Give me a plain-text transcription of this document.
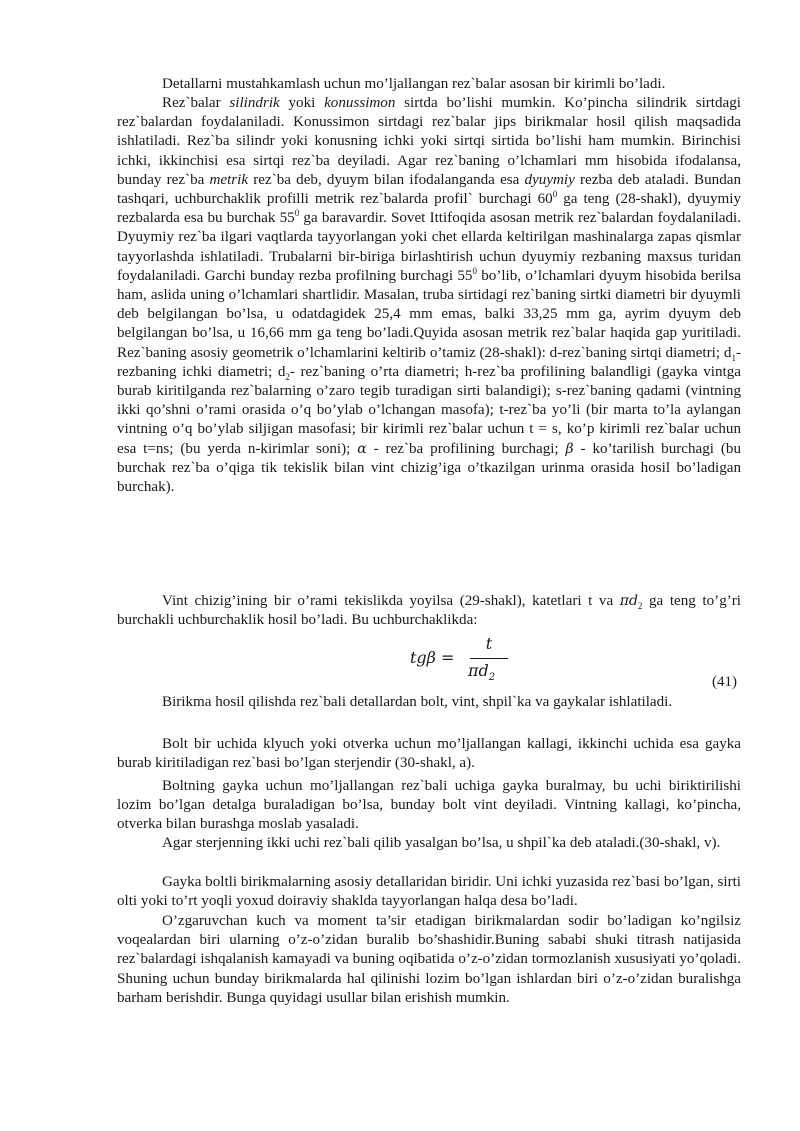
Detallarni mustahkamlash uchun mo’ljallangan rez`balar asosan bir kirimli bo’ladi.

Rez`balar silindrik yoki konussimon sirtda bo’lishi mumkin. Ko’pincha silindrik sirtdagi rez`balardan foydalaniladi. Konussimon sirtdagi rez`balar jips birikmalar hosil qilish maqsadida ishlatiladi. Rez`ba silindr yoki konusning ichki yoki sirtqi sirtida bo’lishi ham mumkin. Birinchisi ichki, ikkinchisi esa sirtqi rez`ba deyiladi. Agar rez`baning o’lchamlari mm hisobida ifodalansa, bunday rez`ba metrik rez`ba deb, dyuym bilan ifodalanganda esa dyuymiy rezba deb ataladi. Bundan tashqari, uchburchaklik profilli metrik rez`balarda profil` burchagi $60^0$ ga teng (28-shakl), dyuymiy rezbalarda esa bu burchak $55^0$ ga baravardir. Sovet Ittifoqida asosan metrik rez`balardan foydalaniladi. Dyuymiy rez`ba ilgari vaqtlarda tayyorlangan yoki chet ellarda keltirilgan mashinalarga zapas qismlar tayyorlashda ishlatiladi. Trubalarni bir-biriga birlashtirish uchun dyuymiy rezbaning maxsus turidan foydalaniladi. Garchi bunday rezba profilning burchagi $55^0$ bo’lib, o’lchamlari dyuym hisobida berilsa ham, aslida uning o’lchamlari shartlidir. Masalan, truba sirtidagi rez`baning sirtki diametri bir dyuymli deb belgilangan bo’lsa, u odatdagidek 25,4 mm emas, balki 33,25 mm ga, ayrim dyuym deb belgilangan bo’lsa, u 16,66 mm ga teng bo’ladi.Quyida asosan metrik rez`balar haqida gap yuritiladi. Rez`baning asosiy geometrik o’lchamlarini keltirib o’tamiz (28-shakl): d-rez`baning sirtqi diametri; $d_1$-rezbaning ichki diametri; $d_2-$ rez`baning o’rta diametri; h-rez`ba profilining balandligi (gayka vintga burab kiritilganda rez`balarning o’zaro tegib turadigan sirti balandigi); s-rez`baning qadami (vintning ikki qo’shni o’rami orasida o’q bo’ylab o’lchangan masofa); t-rez`ba yo’li (bir marta to’la aylangan vintning o’q bo’ylab siljigan masofasi; bir kirimli rez`balar uchun t = s, ko’p kirimli rez`balar uchun esa t=ns; (bu yerda n-kirimlar soni); α - rez`ba profilining burchagi; β - ko’tarilish burchagi (bu burchak rez`ba o’qiga tik tekislik bilan vint chizig’iga o’tkazilgan urinma orasida hosil bo’ladigan burchak).

Vint chizig’ining bir o’rami tekislikda yoyilsa (29-shakl), katetlari t va $\pi d_2$ ga teng to’g’ri burchakli uchburchaklik hosil bo’ladi. Bu uchburchaklikda:

tgβ =
t
$\pi d_2$	(41)

Birikma hosil qilishda rez`bali detallardan bolt, vint, shpil`ka va gaykalar ishlatiladi.

Bolt bir uchida klyuch yoki otverka uchun mo’ljallangan kallagi, ikkinchi uchida esa gayka burab kiritiladigan rez`basi bo’lgan sterjendir (30-shakl, a).

Boltning gayka uchun mo’ljallangan rez`bali uchiga gayka buralmay, bu uchi biriktirilishi lozim bo’lgan detalga buraladigan bo’lsa, bunday bolt vint deyiladi. Vintning kallagi, ko’pincha, otverka bilan burashga moslab yasaladi.

Agar sterjenning ikki uchi rez`bali qilib yasalgan bo’lsa, u shpil`ka deb ataladi.(30-shakl, v).

Gayka boltli birikmalarning asosiy detallaridan biridir. Uni ichki yuzasida rez`basi bo’lgan, sirti olti yoki to’rt yoqli yoxud doiraviy shaklda tayyorlangan halqa desa bo’ladi.

O’zgaruvchan kuch va moment ta’sir etadigan birikmalardan sodir bo’ladigan ko’ngilsiz voqealardan biri ularning o’z-o’zidan buralib bo’shashidir.Buning sababi shuki titrash natijasida rez`balardagi ishqalanish kamayadi va buning oqibatida o’z-o’zidan tormozlanish xususiyati yo’qoladi. Shuning uchun bunday birikmalarda hal qilinishi lozim bo’lgan ishlardan biri o’z-o’zidan buralishga barham berishdir. Bunga quyidagi usullar bilan erishish mumkin.
